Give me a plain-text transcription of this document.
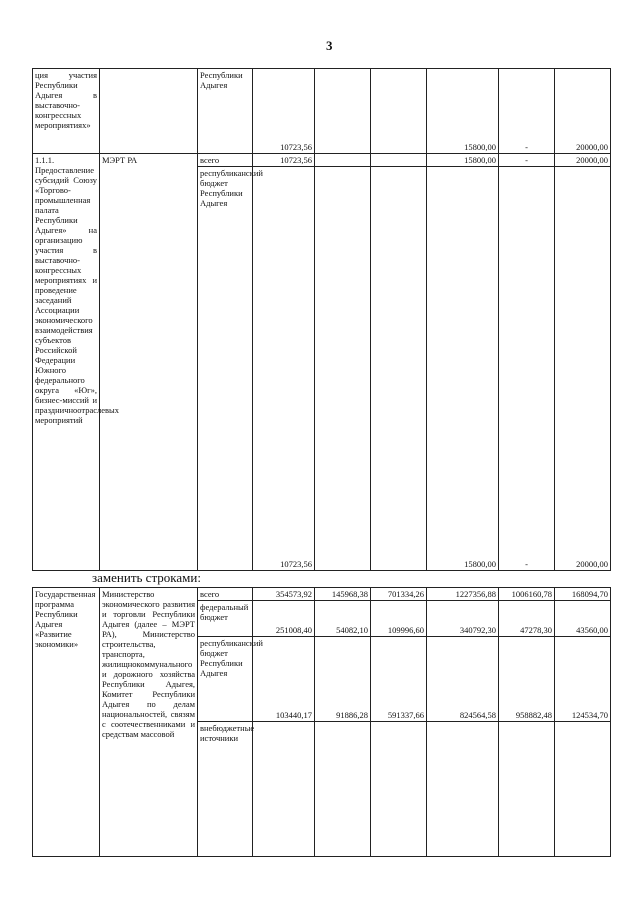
3
ция участия Республики Адыгея в выставочно-конгрессных мероприятиях»		Республики Адыгея	10723,56			15800,00	-	20000,00
1.1.1. Предоставление субсидий Союзу «Торгово-промышленная палата Республики Адыгея» на организацию участия в выставочно-конгрессных мероприятиях и проведение заседаний Ассоциации экономического взаимодействия субъектов Российской Федерации Южного федерального округа «Юг», бизнес-миссий и праздничноотраслевых мероприятий	МЭРТ РА	всего	10723,56			15800,00	-	20000,00
		республиканский бюджет Республики Адыгея	10723,56			15800,00	-	20000,00
заменить строками:
Государственная программа Республики Адыгея «Развитие экономики»	Министерство экономического развития и торговли Республики Адыгея (далее – МЭРТ РА), Министерство строительства, транспорта, жилищнокоммунального и дорожного хозяйства Республики Адыгея, Комитет Республики Адыгея по делам национальностей, связям с соотечественниками и средствам массовой	всего	354573,92	145968,38	701334,26	1227356,88	1006160,78	168094,70
		федеральный бюджет	251008,40	54082,10	109996,60	340792,30	47278,30	43560,00
		республиканский бюджет Республики Адыгея	103440,17	91886,28	591337,66	824564,58	958882,48	124534,70
		внебюджетные источники						
